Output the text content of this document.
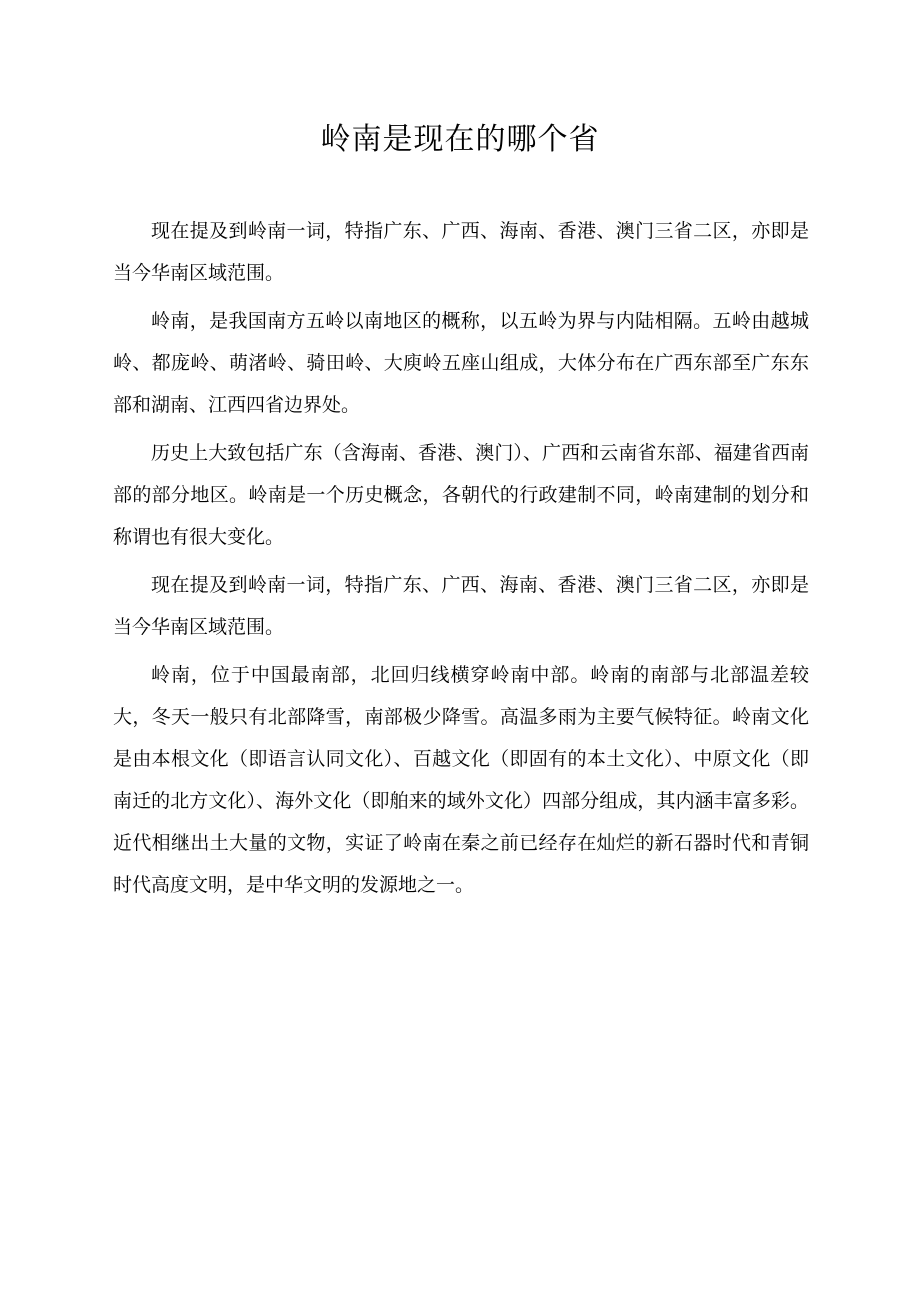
岭南是现在的哪个省

现在提及到岭南一词，特指广东、广西、海南、香港、澳门三省二区，亦即是当今华南区域范围。

岭南，是我国南方五岭以南地区的概称，以五岭为界与内陆相隔。五岭由越城岭、都庞岭、萌渚岭、骑田岭、大庾岭五座山组成，大体分布在广西东部至广东东部和湖南、江西四省边界处。

历史上大致包括广东（含海南、香港、澳门）、广西和云南省东部、福建省西南部的部分地区。岭南是一个历史概念，各朝代的行政建制不同，岭南建制的划分和称谓也有很大变化。

现在提及到岭南一词，特指广东、广西、海南、香港、澳门三省二区，亦即是当今华南区域范围。

岭南，位于中国最南部，北回归线横穿岭南中部。岭南的南部与北部温差较大，冬天一般只有北部降雪，南部极少降雪。高温多雨为主要气候特征。岭南文化是由本根文化（即语言认同文化）、百越文化（即固有的本土文化）、中原文化（即南迁的北方文化）、海外文化（即舶来的域外文化）四部分组成，其内涵丰富多彩。近代相继出土大量的文物，实证了岭南在秦之前已经存在灿烂的新石器时代和青铜时代高度文明，是中华文明的发源地之一。
